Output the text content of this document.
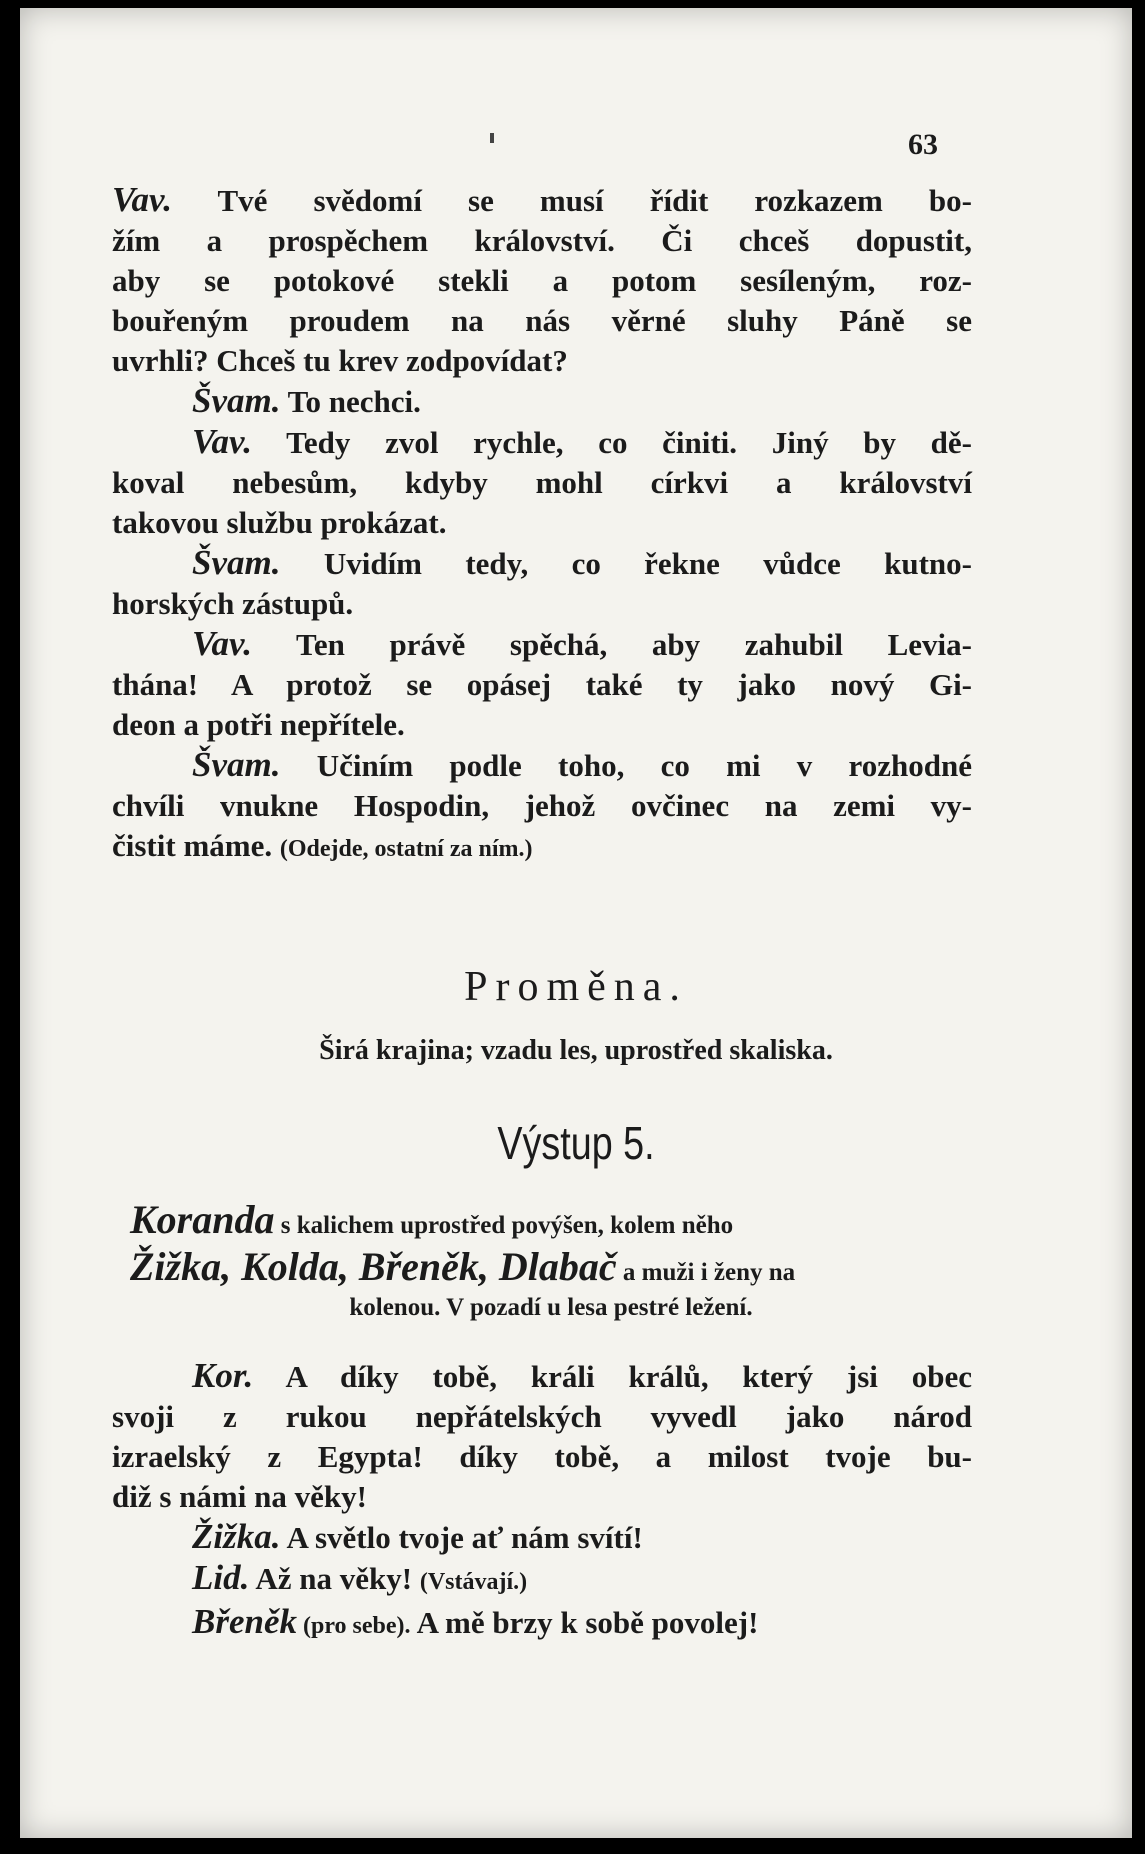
63
Vav. Tvé svědomí se musí řídit rozkazem bo-
žím a prospěchem království. Či chceš dopustit,
aby se potokové stekli a potom sesíleným, roz-
bouřeným proudem na nás věrné sluhy Páně se
uvrhli? Chceš tu krev zodpovídat?
Švam. To nechci.
Vav. Tedy zvol rychle, co činiti. Jiný by dě-
koval nebesům, kdyby mohl církvi a království
takovou službu prokázat.
Švam. Uvidím tedy, co řekne vůdce kutno-
horských zástupů.
Vav. Ten právě spěchá, aby zahubil Levia-
thána! A protož se opásej také ty jako nový Gi-
deon a potři nepřítele.
Švam. Učiním podle toho, co mi v rozhodné
chvíli vnukne Hospodin, jehož ovčinec na zemi vy-
čistit máme. (Odejde, ostatní za ním.)
Proměna.
Širá krajina; vzadu les, uprostřed skaliska.
Výstup 5.
Koranda s kalichem uprostřed povýšen, kolem něho
Žižka, Kolda, Břeněk, Dlabač a muži i ženy na
kolenou. V pozadí u lesa pestré ležení.
Kor. A díky tobě, králi králů, který jsi obec
svoji z rukou nepřátelských vyvedl jako národ
izraelský z Egypta! díky tobě, a milost tvoje bu-
diž s námi na věky!
Žižka. A světlo tvoje ať nám svítí!
Lid. Až na věky! (Vstávají.)
Břeněk (pro sebe). A mě brzy k sobě povolej!
